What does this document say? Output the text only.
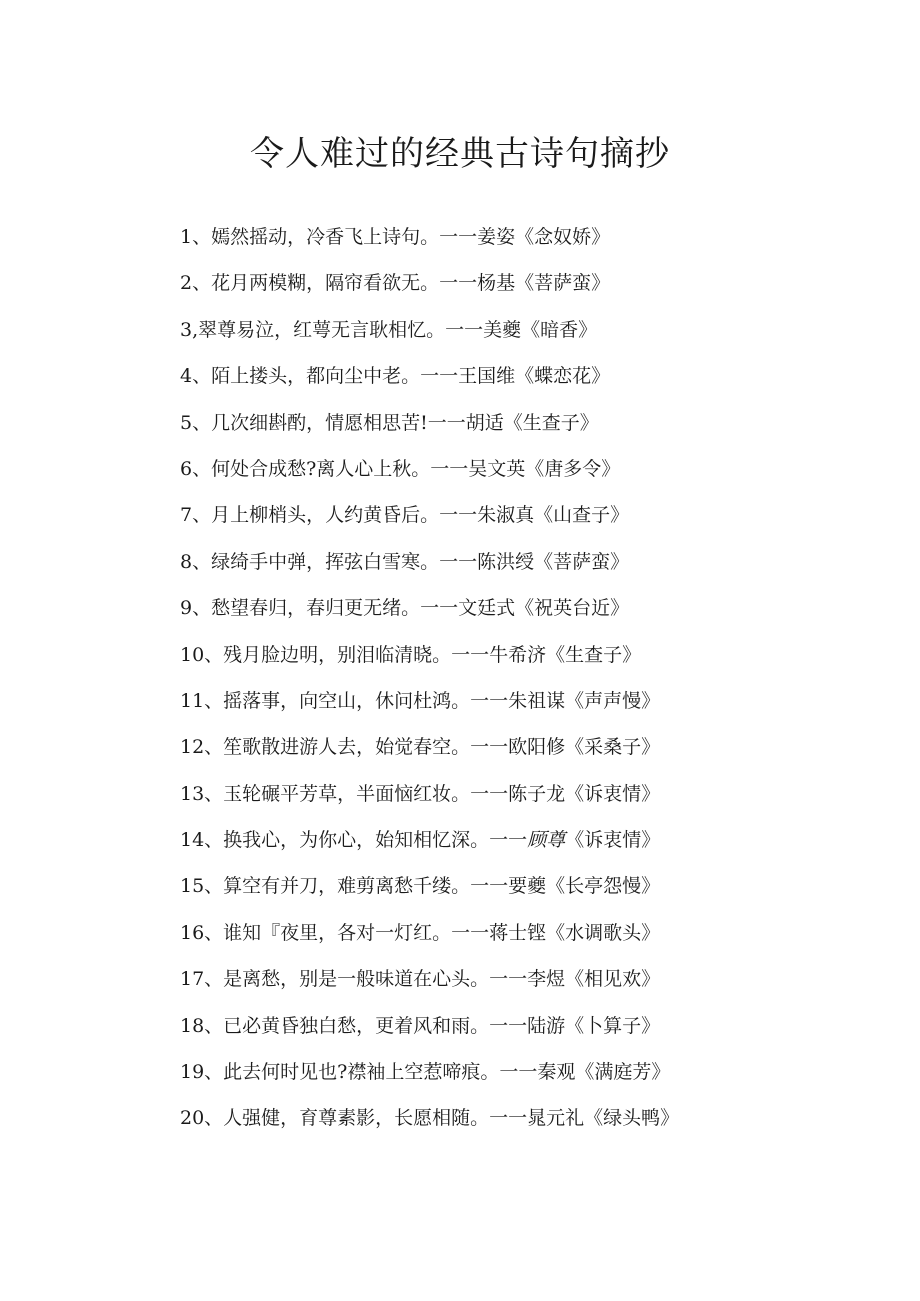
令人难过的经典古诗句摘抄
1、嫣然摇动，冷香飞上诗句。一一姜姿《念奴娇》
2、花月两模糊，隔帘看欲无。一一杨基《菩萨蛮》
3,翠尊易泣，红萼无言耿相忆。一一美夔《暗香》
4、陌上搂头，都向尘中老。一一王国维《蝶恋花》
5、几次细斟酌，情愿相思苦!一一胡适《生查子》
6、何处合成愁?离人心上秋。一一吴文英《唐多令》
7、月上柳梢头，人约黄昏后。一一朱淑真《山查子》
8、绿绮手中弹，挥弦白雪寒。一一陈洪绶《菩萨蛮》
9、愁望春归，春归更无绪。一一文廷式《祝英台近》
10、残月脸边明，别泪临清晓。一一牛希济《生查子》
11、摇落事，向空山，休问杜鸿。一一朱祖谋《声声慢》
12、笙歌散进游人去，始觉春空。一一欧阳修《采桑子》
13、玉轮碾平芳草，半面恼红妆。一一陈子龙《诉衷情》
14、换我心，为你心，始知相忆深。一一顾尊《诉衷情》
15、算空有并刀，难剪离愁千缕。一一要夔《长亭怨慢》
16、谁知『夜里，各对一灯红。一一蒋士铿《水调歌头》
17、是离愁，别是一般味道在心头。一一李煜《相见欢》
18、已必黄昏独白愁，更着风和雨。一一陆游《卜算子》
19、此去何时见也?襟袖上空惹啼痕。一一秦观《满庭芳》
20、人强健，育尊素影，长愿相随。一一晁元礼《绿头鸭》
